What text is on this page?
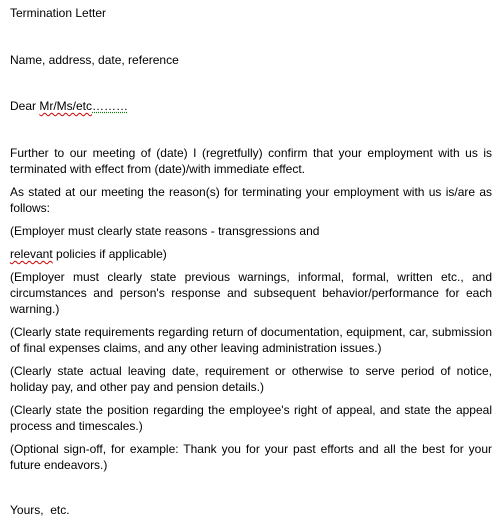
Termination Letter
Name, address, date, reference
Dear Mr/Ms/etc………
Further to our meeting of (date) I (regretfully) confirm that your employment with us is terminated with effect from (date)/with immediate effect.
As stated at our meeting the reason(s) for terminating your employment with us is/are as follows:
(Employer must clearly state reasons - transgressions and
relevant policies if applicable)
(Employer must clearly state previous warnings, informal, formal, written etc., and circumstances and person's response and subsequent behavior/performance for each warning.)
(Clearly state requirements regarding return of documentation, equipment, car, submission of final expenses claims, and any other leaving administration issues.)
(Clearly state actual leaving date, requirement or otherwise to serve period of notice, holiday pay, and other pay and pension details.)
(Clearly state the position regarding the employee's right of appeal, and state the appeal process and timescales.)
(Optional sign-off, for example: Thank you for your past efforts and all the best for your future endeavors.)
Yours,  etc.
